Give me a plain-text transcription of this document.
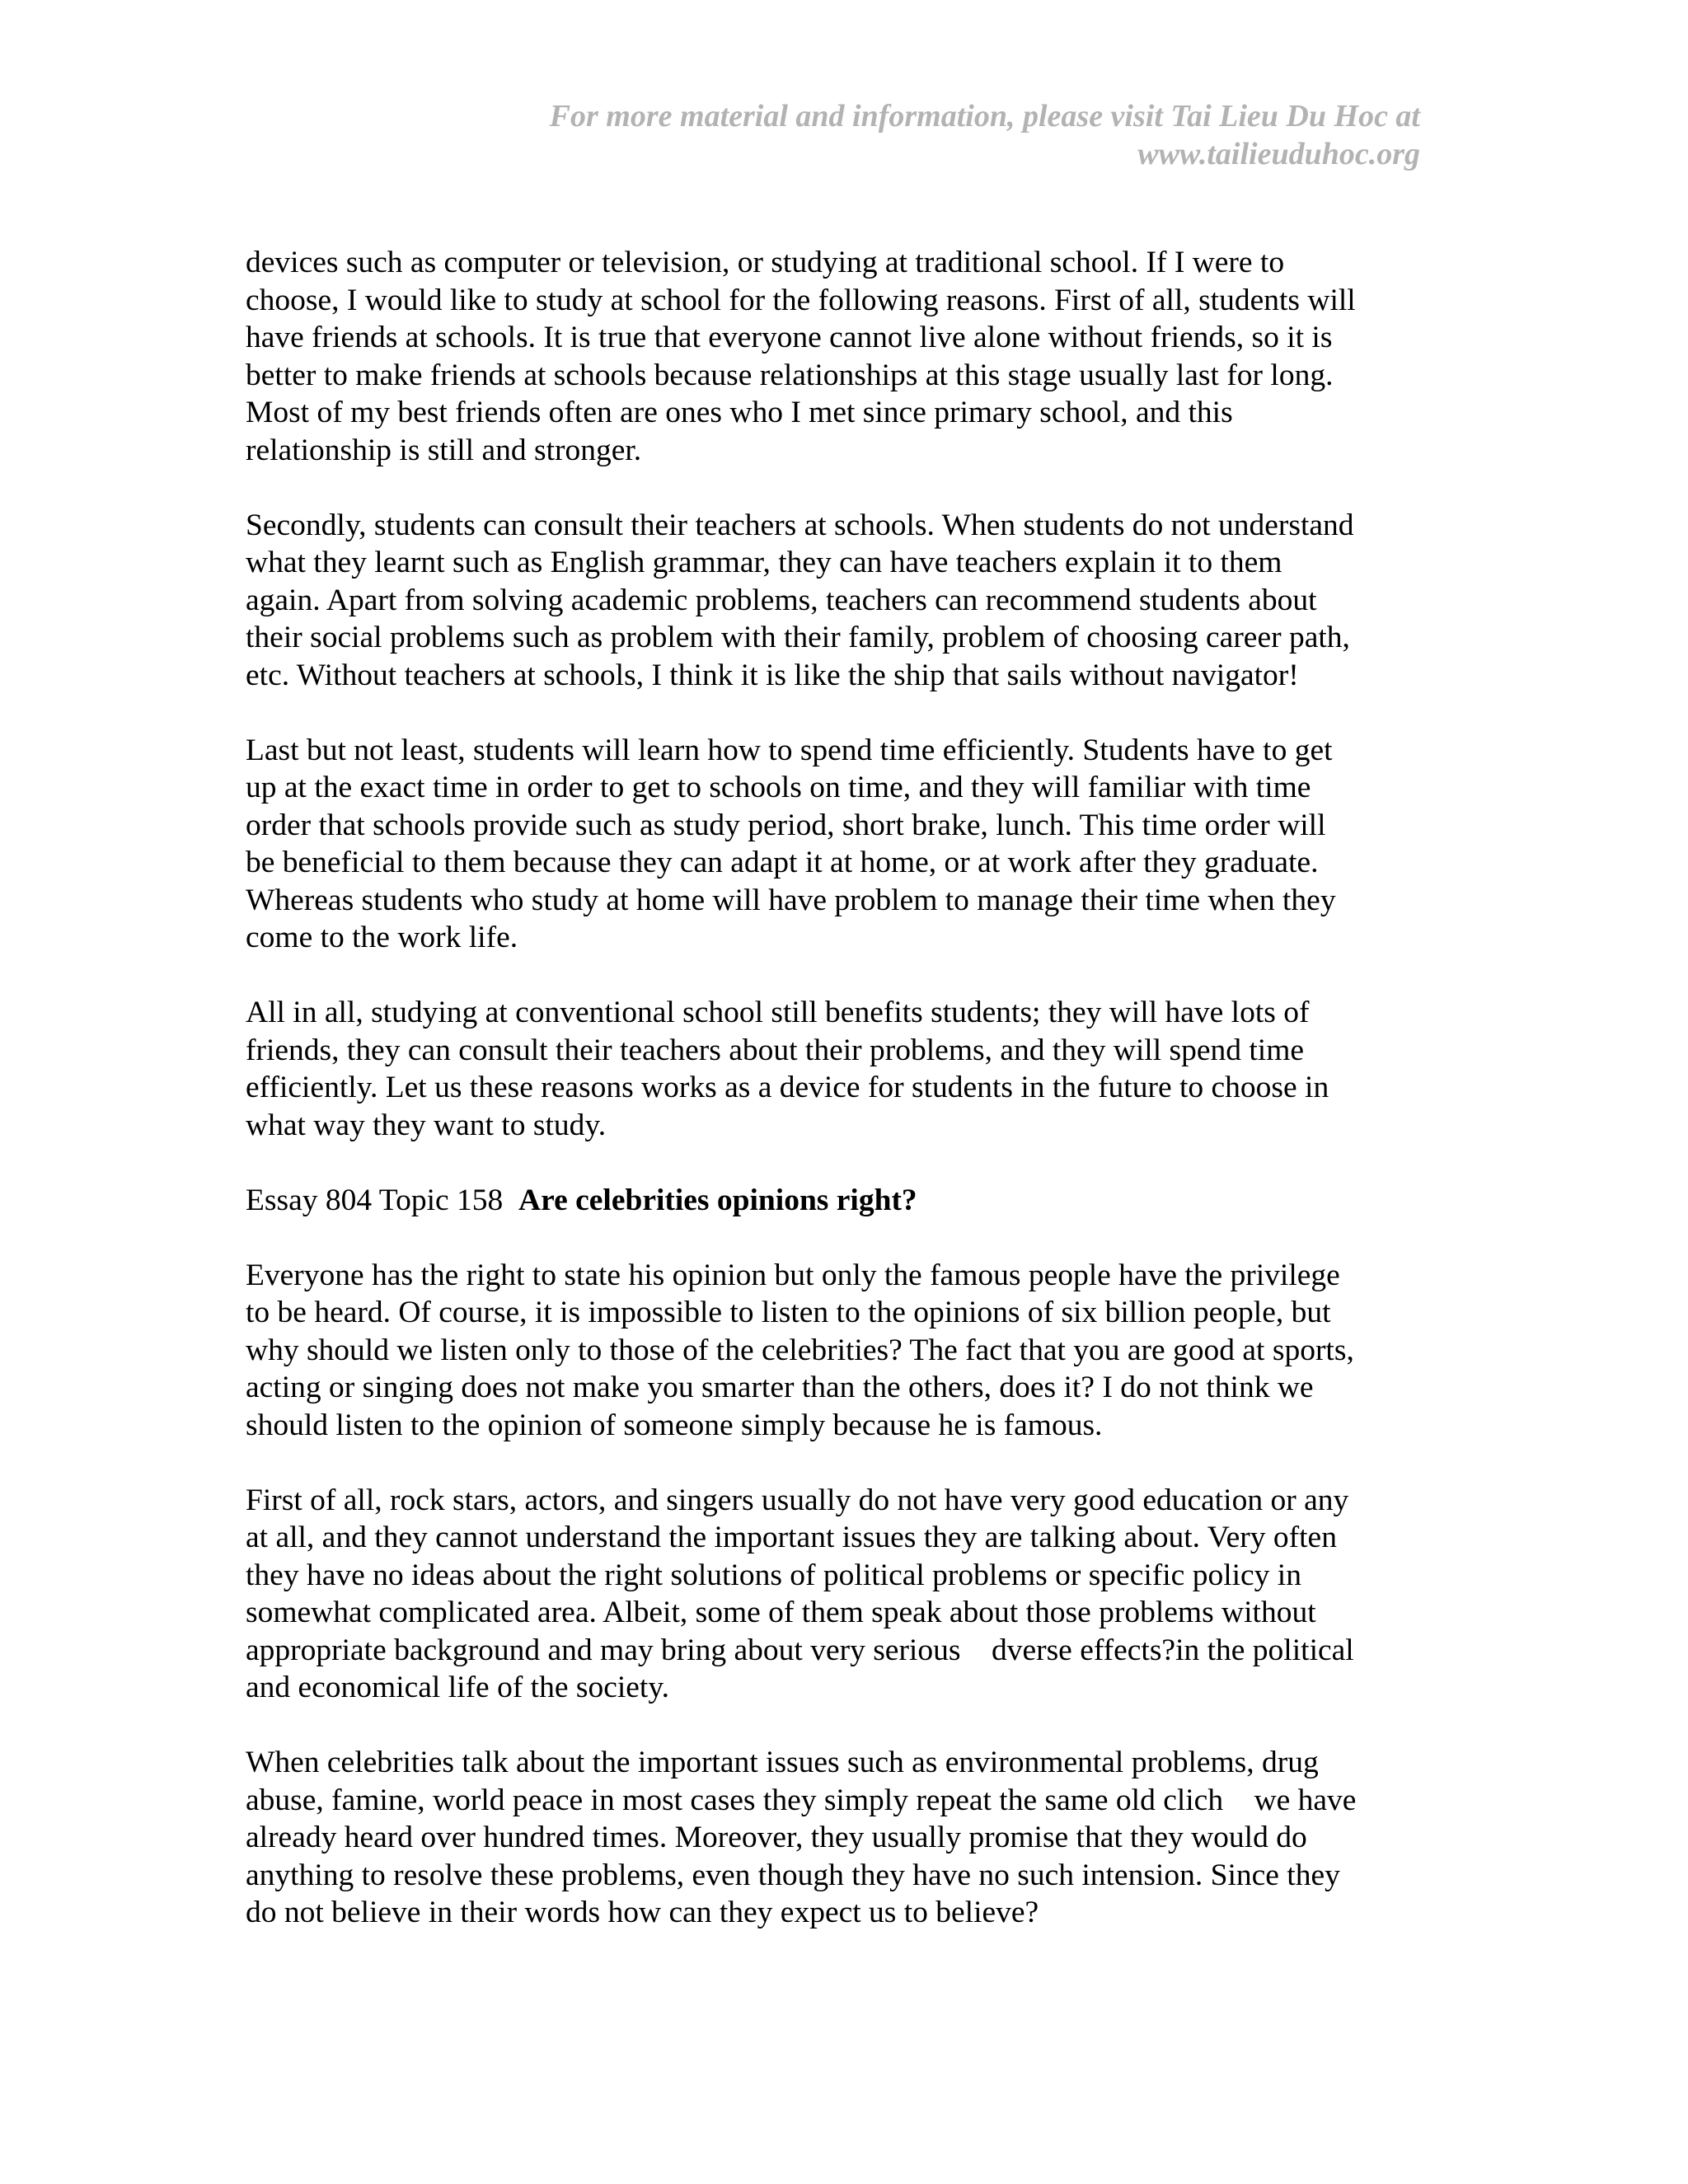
For more material and information, please visit Tai Lieu Du Hoc at
www.tailieuduhoc.org

devices such as computer or television, or studying at traditional school. If I were to
choose, I would like to study at school for the following reasons. First of all, students will
have friends at schools. It is true that everyone cannot live alone without friends, so it is
better to make friends at schools because relationships at this stage usually last for long.
Most of my best friends often are ones who I met since primary school, and this
relationship is still and stronger.

Secondly, students can consult their teachers at schools. When students do not understand
what they learnt such as English grammar, they can have teachers explain it to them
again. Apart from solving academic problems, teachers can recommend students about
their social problems such as problem with their family, problem of choosing career path,
etc. Without teachers at schools, I think it is like the ship that sails without navigator!

Last but not least, students will learn how to spend time efficiently. Students have to get
up at the exact time in order to get to schools on time, and they will familiar with time
order that schools provide such as study period, short brake, lunch. This time order will
be beneficial to them because they can adapt it at home, or at work after they graduate.
Whereas students who study at home will have problem to manage their time when they
come to the work life.

All in all, studying at conventional school still benefits students; they will have lots of
friends, they can consult their teachers about their problems, and they will spend time
efficiently. Let us these reasons works as a device for students in the future to choose in
what way they want to study.

Essay 804 Topic 158 Are celebrities opinions right?

Everyone has the right to state his opinion but only the famous people have the privilege
to be heard. Of course, it is impossible to listen to the opinions of six billion people, but
why should we listen only to those of the celebrities? The fact that you are good at sports,
acting or singing does not make you smarter than the others, does it? I do not think we
should listen to the opinion of someone simply because he is famous.

First of all, rock stars, actors, and singers usually do not have very good education or any
at all, and they cannot understand the important issues they are talking about. Very often
they have no ideas about the right solutions of political problems or specific policy in
somewhat complicated area. Albeit, some of them speak about those problems without
appropriate background and may bring about very serious    dverse effects?in the political
and economical life of the society.

When celebrities talk about the important issues such as environmental problems, drug
abuse, famine, world peace in most cases they simply repeat the same old clich    we have
already heard over hundred times. Moreover, they usually promise that they would do
anything to resolve these problems, even though they have no such intension. Since they
do not believe in their words how can they expect us to believe?
